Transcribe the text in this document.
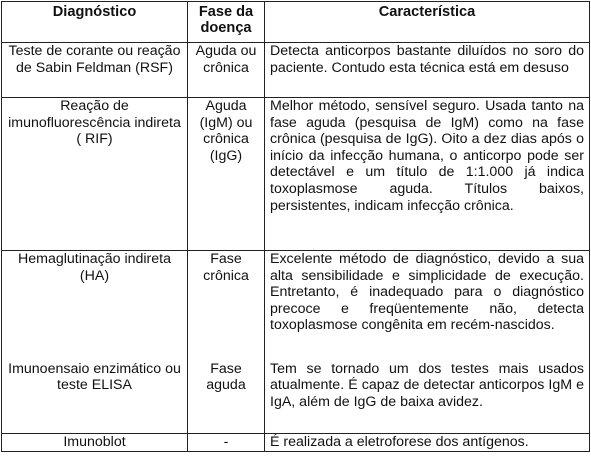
Diagnóstico	Fase da doença	Característica
Teste de corante ou reação de Sabin Feldman (RSF)	Aguda ou crônica	Detecta anticorpos bastante diluídos no soro do paciente. Contudo esta técnica está em desuso
Reação de imunofluorescência indireta ( RIF)	Aguda (IgM) ou crônica (IgG)	Melhor método, sensível seguro. Usada tanto na fase aguda (pesquisa de IgM) como na fase crônica (pesquisa de IgG). Oito a dez dias após o início da infecção humana, o anticorpo pode ser detectável e um título de 1:1.000 já indica toxoplasmose aguda. Títulos baixos, persistentes, indicam infecção crônica.
Hemaglutinação indireta (HA)	Fase crônica	Excelente método de diagnóstico, devido a sua alta sensibilidade e simplicidade de execução. Entretanto, é inadequado para o diagnóstico precoce e freqüentemente não, detecta toxoplasmose congênita em recém-nascidos.
Imunoensaio enzimático ou teste ELISA	Fase aguda	Tem se tornado um dos testes mais usados atualmente. É capaz de detectar anticorpos IgM e IgA, além de IgG de baixa avidez.
Imunoblot	-	É realizada a eletroforese dos antígenos.
